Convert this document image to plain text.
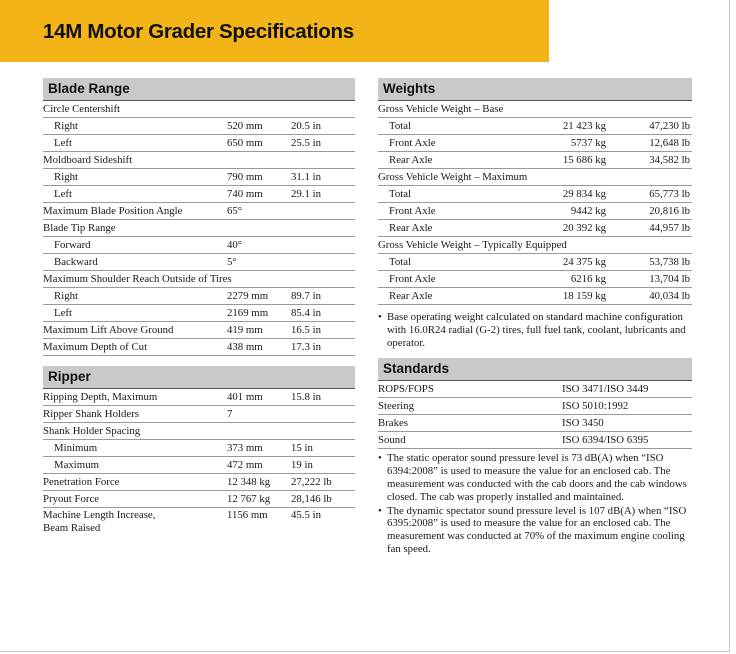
14M Motor Grader Specifications
Blade Range
Circle Centershift
Right	520 mm	20.5 in
Left	650 mm	25.5 in
Moldboard Sideshift
Right	790 mm	31.1 in
Left	740 mm	29.1 in
Maximum Blade Position Angle	65°
Blade Tip Range
Forward	40°
Backward	5°
Maximum Shoulder Reach Outside of Tires
Right	2279 mm 89.7 in
Left	2169 mm 85.4 in
Maximum Lift Above Ground	419 mm	16.5 in
Maximum Depth of Cut	438 mm	17.3 in
Ripper
Ripping Depth, Maximum	401 mm	15.8 in
Ripper Shank Holders	7
Shank Holder Spacing
Minimum	373 mm	15 in
Maximum	472 mm	19 in
Penetration Force	12 348 kg 27,222 lb
Pryout Force	12 767 kg 28,146 lb
Machine Length Increase,
Beam Raised
1156 mm 45.5 in
Weights
Gross Vehicle Weight – Base
Total	21 423 kg	47,230 lb
Front Axle	5737 kg	12,648 lb
Rear Axle	15 686 kg	34,582 lb
Gross Vehicle Weight – Maximum
Total	29 834 kg	65,773 lb
Front Axle	9442 kg	20,816 lb
Rear Axle	20 392 kg	44,957 lb
Gross Vehicle Weight – Typically Equipped
Total	24 375 kg	53,738 lb
Front Axle	6216 kg	13,704 lb
Rear Axle	18 159 kg	40,034 lb
• Base operating weight calculated on standard machine configuration with 16.0R24 radial (G-2) tires, full fuel tank, coolant, lubricants and operator.
Standards
ROPS/FOPS	ISO 3471/ISO 3449
Steering	ISO 5010:1992
Brakes	ISO 3450
Sound	ISO 6394/ISO 6395
• The static operator sound pressure level is 73 dB(A) when “ISO 6394:2008” is used to measure the value for an enclosed cab. The measurement was conducted with the cab doors and the cab windows closed. The cab was properly installed and maintained.
• The dynamic spectator sound pressure level is 107 dB(A) when “ISO 6395:2008” is used to measure the value for an enclosed cab. The measurement was conducted at 70% of the maximum engine cooling fan speed.
